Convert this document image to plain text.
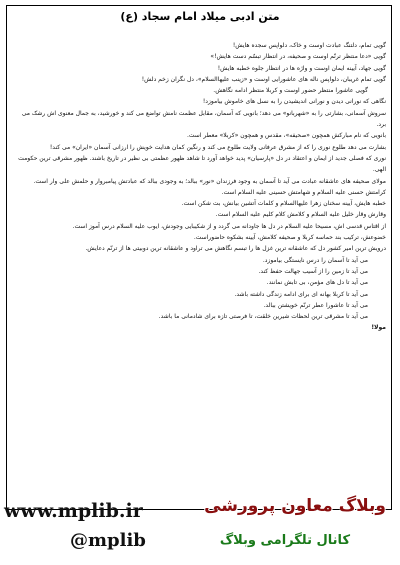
متن ادبی میلاد امام سجاد (ع)

گویی تمام، دلتنگ عبادت اوست و خاک، دلواپس سجده هایش!

گویی «دعا منتظر ترنّم اوست و صحیفه، در انتظار تبسّم دست هایش!»

گویی جهاد، آیینه ایمان اوست و واژه ها در انتظار جلوه خطبه هایش!

گویی تمام غریبان، دلواپس ناله های عاشورایی اوست و «زینب علیهاالسلام»، دل نگران زخم دلش!

گویی عاشورا منتظر حضور اوست و کربلا منتظر ادامه نگاهش.

نگاهی که نورانی دیدن و نورانی اندیشیدن را به نسل های خاموش بیاموزد!

سروش آسمانی، بشارتی را به «شهربانو» می دهد؛ بانویی که آسمان، مقابل عظمت نامش تواضع می کند و خورشید، به جمال معنوی اش رشک می برد.

بانویی که نام مبارکش همچون «صحیفه»، مقدس و همچون «کربلا» معطر است.

بشارت می دهد طلوع نوری را که از مشرق عرفانی ولایت طلوع می کند و رنگین کمان هدایت خویش را ارزانی آسمان «ایران» می کند!

نوری که فصلی جدید از ایمان و اعتقاد در دل «پارسیان» پدید خواهد آورد تا شاهد ظهور عظمتی بی نظیر در تاریخ باشند. ظهور مشرقی ترین حکومت الهی.

مولای صحیفه های عاشقانه عبادت می آید تا آسمان به وجود فرزندان «نور» ببالد؛ به وجودی ببالد که عبادتش پیامبروار و حلمش علی وار است.

کرامتش حسنی علیه السلام و شهامتش حسینی علیه السلام است.

خطبه هایش، آیینه سخنان زهرا علیهاالسلام و کلمات آتشین بیانش، بت شکن است.

وقارش وقار خلیل علیه السلام و کلامش کلام کلیم علیه السلام است.

از اقتاس قدسی اش، مسیحا علیه السلام در دل ها جاودانه می گردد و از شکیبایی وجودش، ایوب علیه السلام درس آموز است.

خضوعش، ترکیب بند حماسه کربلا و صحیفه کلامش، آیینه بشکوه حاضوراست.

درویش ترین امیر کشور دل که عاشقانه ترین غزل ها را تبسم نگاهش می تراود و عاشقانه ترین دوبیتی ها از ترنّم دعایش.

می آید تا آسمان را درس نایستگی بیاموزد.

می آید تا زمین را از آسیب جهالت حفظ کند.

می آید تا دل های مؤمن، بی تابش نمانند.

می آید تا کربلا بهانه ای برای ادامه زندگی داشته باشد.

می آید تا عاشورا عطر ترنّم خویشتن ببالد.

می آید تا مشرقی ترین لحظات شیرین خلقت، تا فرصتی تازه برای شادمانی ما باشد.

مولا!

www.mplib.ir	وبلاگ معاون پرورشی
@mplib	کانال تلگرامی وبلاگ
